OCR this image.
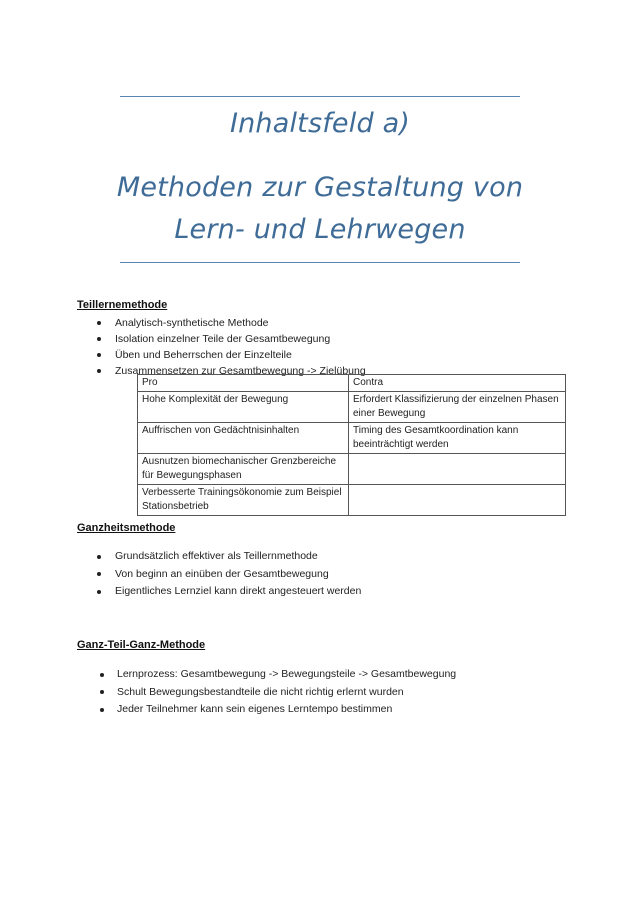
Inhaltsfeld a)
Methoden zur Gestaltung von
Lern- und Lehrwegen
Teillernemethode
Analytisch-synthetische Methode
Isolation einzelner Teile der Gesamtbewegung
Üben und Beherrschen der Einzelteile
Zusammensetzen zur Gesamtbewegung -> Zielübung
Pro	Contra
Hohe Komplexität der Bewegung	Erfordert Klassifizierung der einzelnen Phasen einer Bewegung
Auffrischen von Gedächtnisinhalten	Timing des Gesamtkoordination kann beeinträchtigt werden
Ausnutzen biomechanischer Grenzbereiche für Bewegungsphasen	
Verbesserte Trainingsökonomie zum Beispiel Stationsbetrieb	
Ganzheitsmethode
Grundsätzlich effektiver als Teillernmethode
Von beginn an einüben der Gesamtbewegung
Eigentliches Lernziel kann direkt angesteuert werden
Ganz-Teil-Ganz-Methode
Lernprozess: Gesamtbewegung -> Bewegungsteile -> Gesamtbewegung
Schult Bewegungsbestandteile die nicht richtig erlernt wurden
Jeder Teilnehmer kann sein eigenes Lerntempo bestimmen
